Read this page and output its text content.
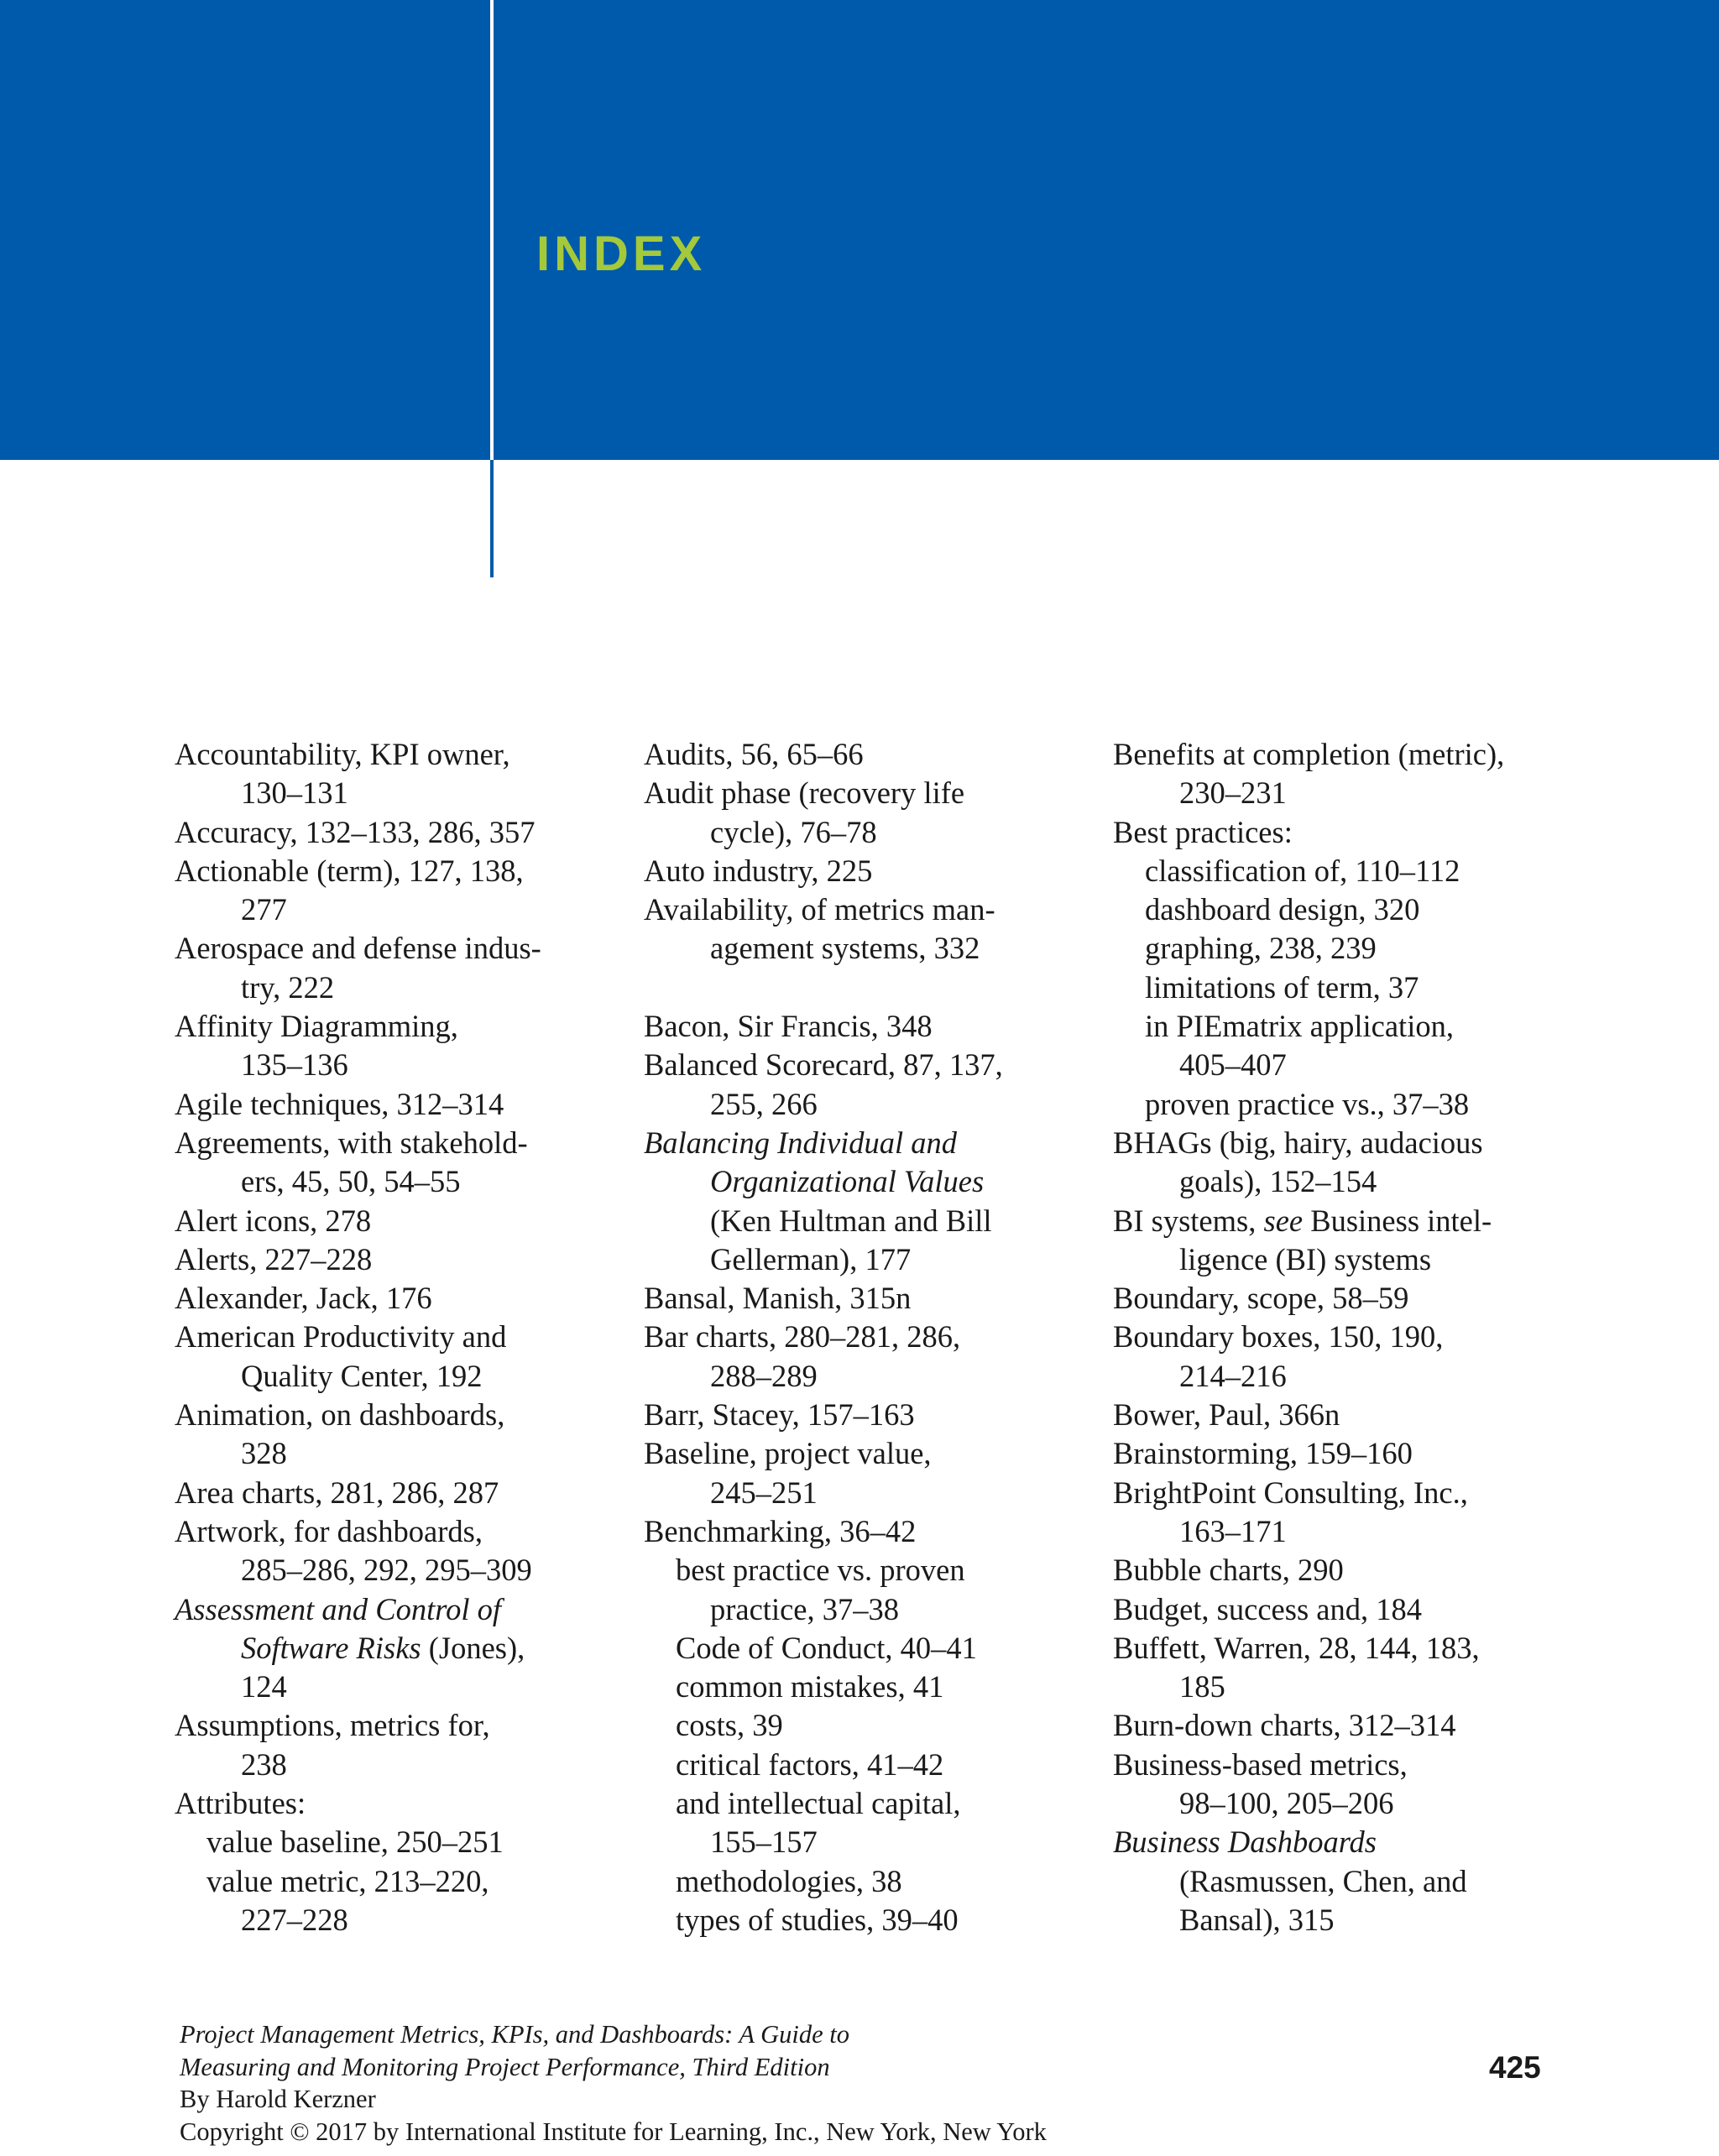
INDEX
Accountability, KPI owner,
130–131
Accuracy, 132–133, 286, 357
Actionable (term), 127, 138,
277
Aerospace and defense indus-
try, 222
Affinity Diagramming,
135–136
Agile techniques, 312–314
Agreements, with stakehold-
ers, 45, 50, 54–55
Alert icons, 278
Alerts, 227–228
Alexander, Jack, 176
American Productivity and
Quality Center, 192
Animation, on dashboards,
328
Area charts, 281, 286, 287
Artwork, for dashboards,
285–286, 292, 295–309
Assessment and Control of
Software Risks (Jones),
124
Assumptions, metrics for,
238
Attributes:
value baseline, 250–251
value metric, 213–220,
227–228
Audits, 56, 65–66
Audit phase (recovery life
cycle), 76–78
Auto industry, 225
Availability, of metrics man-
agement systems, 332
Bacon, Sir Francis, 348
Balanced Scorecard, 87, 137,
255, 266
Balancing Individual and
Organizational Values
(Ken Hultman and Bill
Gellerman), 177
Bansal, Manish, 315n
Bar charts, 280–281, 286,
288–289
Barr, Stacey, 157–163
Baseline, project value,
245–251
Benchmarking, 36–42
best practice vs. proven
practice, 37–38
Code of Conduct, 40–41
common mistakes, 41
costs, 39
critical factors, 41–42
and intellectual capital,
155–157
methodologies, 38
types of studies, 39–40
Benefits at completion (metric),
230–231
Best practices:
classification of, 110–112
dashboard design, 320
graphing, 238, 239
limitations of term, 37
in PIEmatrix application,
405–407
proven practice vs., 37–38
BHAGs (big, hairy, audacious
goals), 152–154
BI systems, see Business intel-
ligence (BI) systems
Boundary, scope, 58–59
Boundary boxes, 150, 190,
214–216
Bower, Paul, 366n
Brainstorming, 159–160
BrightPoint Consulting, Inc.,
163–171
Bubble charts, 290
Budget, success and, 184
Buffett, Warren, 28, 144, 183,
185
Burn-down charts, 312–314
Business-based metrics,
98–100, 205–206
Business Dashboards
(Rasmussen, Chen, and
Bansal), 315
Project Management Metrics, KPIs, and Dashboards: A Guide to
Measuring and Monitoring Project Performance, Third Edition
By Harold Kerzner
Copyright © 2017 by International Institute for Learning, Inc., New York, New York
425
